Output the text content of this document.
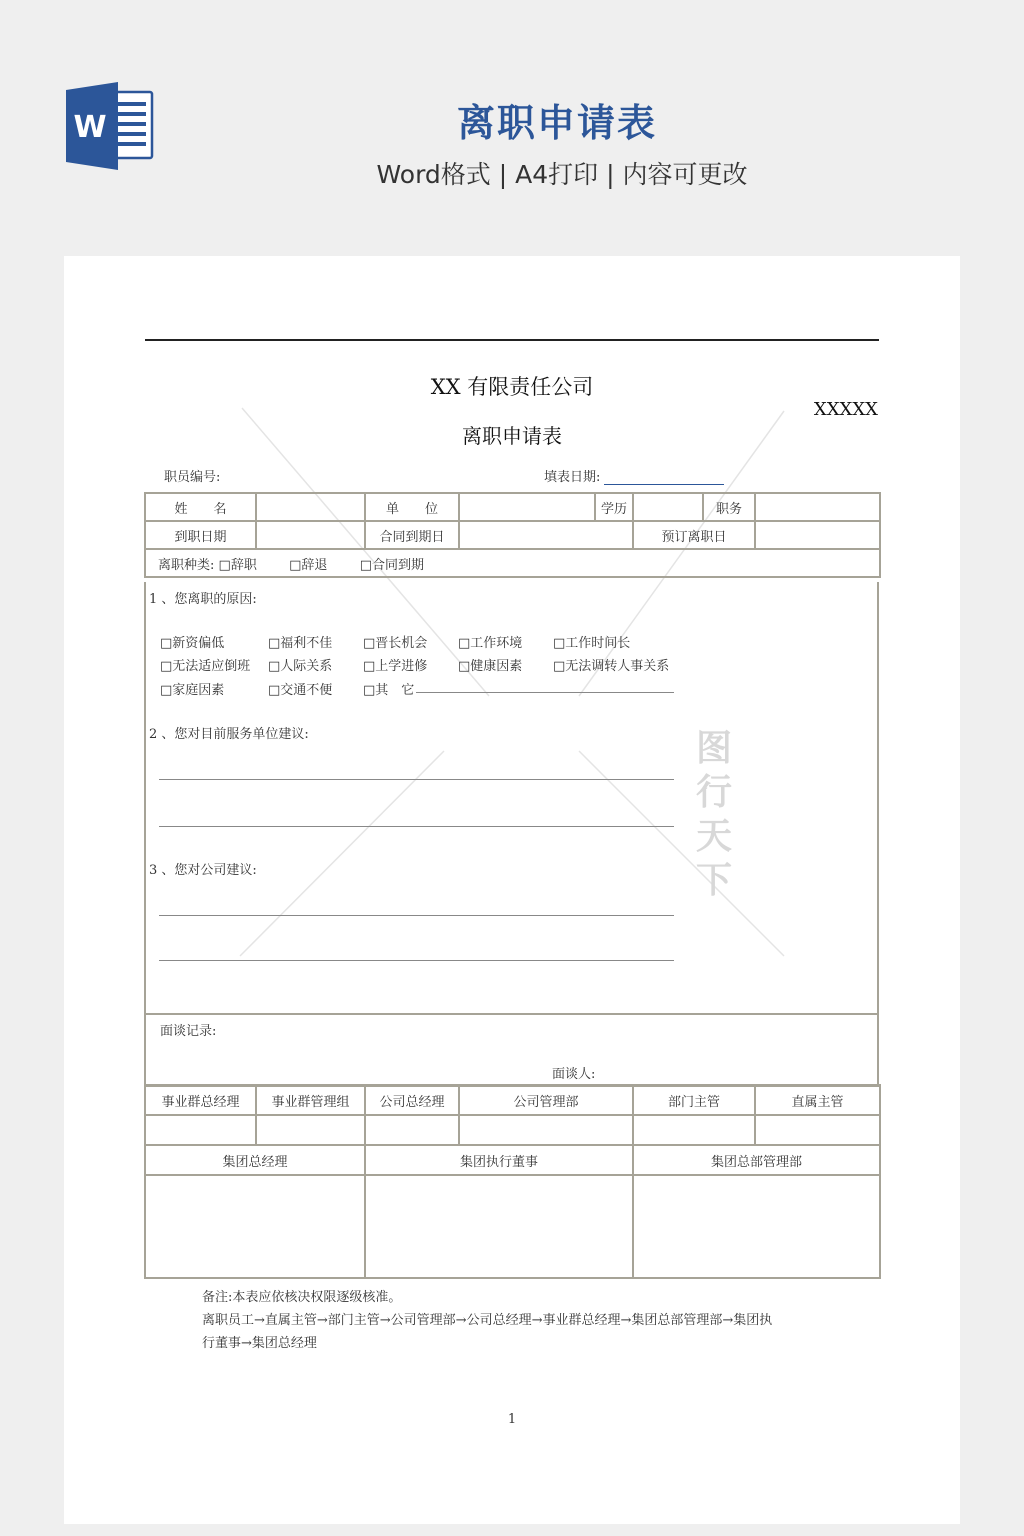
W	离职申请表
Word格式 | A4打印 | 内容可更改
图行天下
XX 有限责任公司
XXXXX
离职申请表
职员编号:	填表日期:
姓　　名		单　　位		学历		职务	
到职日期		合同到期日			预订离职日		
离职种类: □辞职 □辞退 □合同到期							
1 、您离职的原因:
□新资偏低	□福利不佳 □晋长机会 □工作环境 □工作时间长
□无法适应倒班 □人际关系 □上学进修 □健康因素 □无法调转人事关系
□家庭因素	□交通不便 □其　它
2 、您对目前服务单位建议:
3 、您对公司建议:
面谈记录:
面谈人:
事业群总经理	事业群管理组	公司总经理	公司管理部	部门主管	直属主管

集团总经理		集团执行董事		集团总部管理部	

备注:本表应依核决权限逐级核准。
离职员工→直属主管→部门主管→公司管理部→公司总经理→事业群总经理→集团总部管理部→集团执
行董事→集团总经理
1
